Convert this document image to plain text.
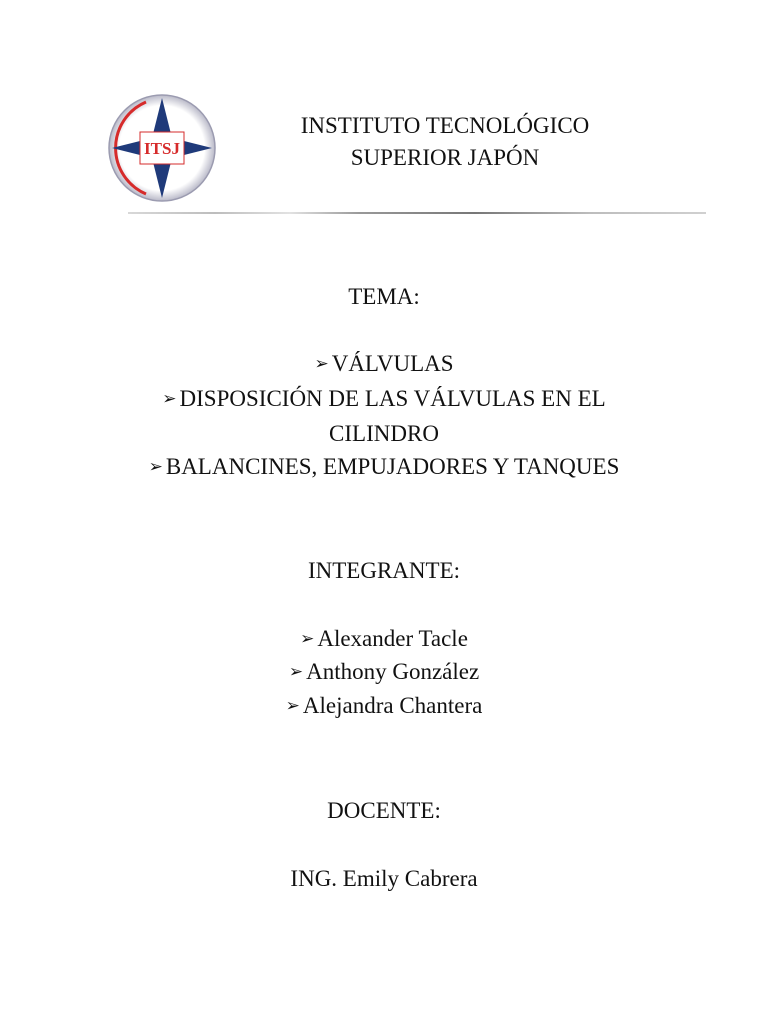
ITSJ
INSTITUTO TECNOLÓGICO
SUPERIOR JAPÓN
TEMA:
➢ VÁLVULAS
➢ DISPOSICIÓN DE LAS VÁLVULAS EN EL
CILINDRO
➢ BALANCINES, EMPUJADORES Y TANQUES
INTEGRANTE:
➢ Alexander Tacle
➢ Anthony González
➢ Alejandra Chantera
DOCENTE:
ING. Emily Cabrera
